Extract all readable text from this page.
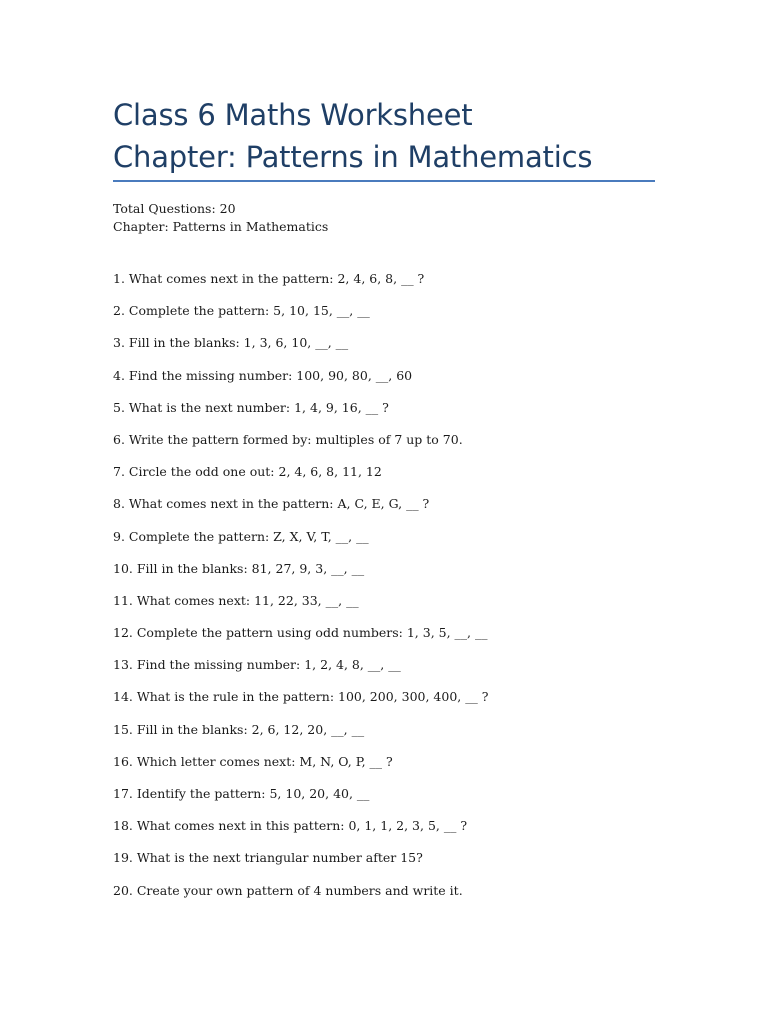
Class 6 Maths Worksheet
Chapter: Patterns in Mathematics
Total Questions: 20
Chapter: Patterns in Mathematics
1. What comes next in the pattern: 2, 4, 6, 8, __ ?
2. Complete the pattern: 5, 10, 15, __, __
3. Fill in the blanks: 1, 3, 6, 10, __, __
4. Find the missing number: 100, 90, 80, __, 60
5. What is the next number: 1, 4, 9, 16, __ ?
6. Write the pattern formed by: multiples of 7 up to 70.
7. Circle the odd one out: 2, 4, 6, 8, 11, 12
8. What comes next in the pattern: A, C, E, G, __ ?
9. Complete the pattern: Z, X, V, T, __, __
10. Fill in the blanks: 81, 27, 9, 3, __, __
11. What comes next: 11, 22, 33, __, __
12. Complete the pattern using odd numbers: 1, 3, 5, __, __
13. Find the missing number: 1, 2, 4, 8, __, __
14. What is the rule in the pattern: 100, 200, 300, 400, __ ?
15. Fill in the blanks: 2, 6, 12, 20, __, __
16. Which letter comes next: M, N, O, P, __ ?
17. Identify the pattern: 5, 10, 20, 40, __
18. What comes next in this pattern: 0, 1, 1, 2, 3, 5, __ ?
19. What is the next triangular number after 15?
20. Create your own pattern of 4 numbers and write it.
